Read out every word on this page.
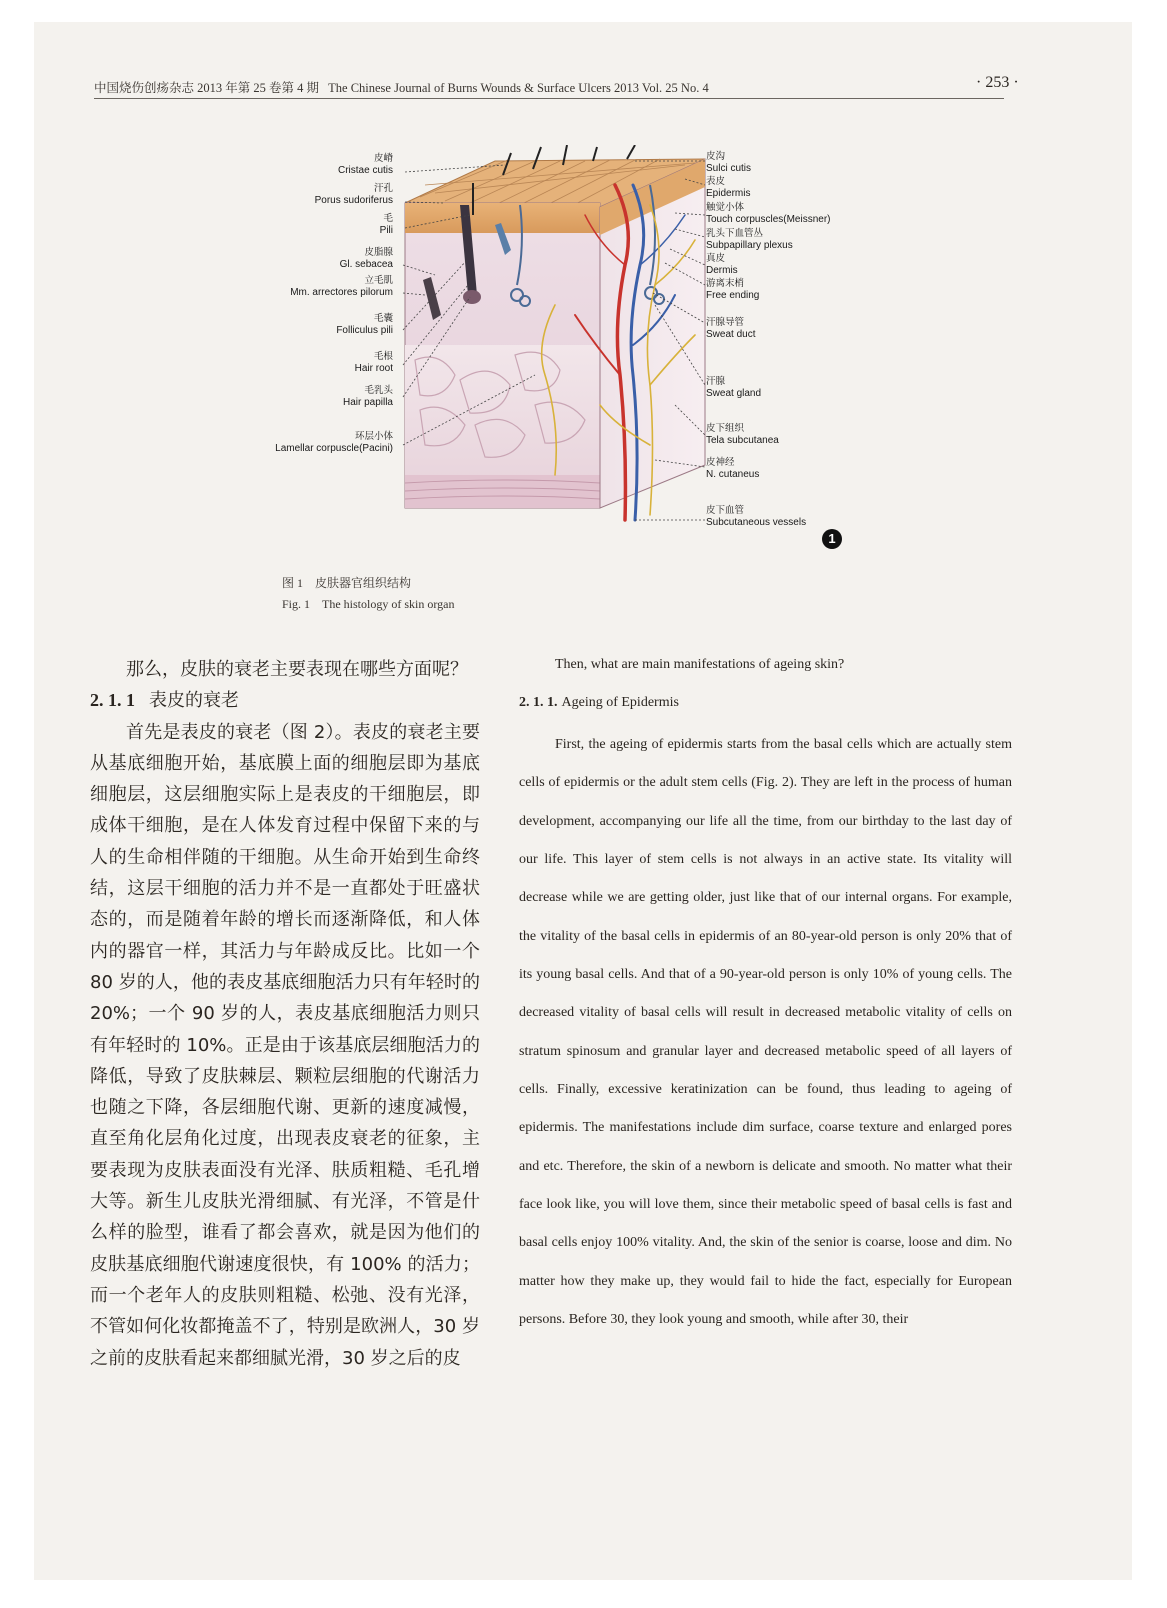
中国烧伤创疡杂志 2013 年第 25 卷第 4 期 The Chinese Journal of Burns Wounds & Surface Ulcers 2013 Vol. 25 No. 4	· 253 ·
皮嵴
Cristae cutis
汗孔
Porus sudoriferus
毛
Pili
皮脂腺
Gl. sebacea
立毛肌
Mm. arrectores pilorum
毛囊
Folliculus pili
毛根
Hair root
毛乳头
Hair papilla
环层小体
Lamellar corpuscle(Pacini)
皮沟
Sulci cutis
表皮
Epidermis
触觉小体
Touch corpuscles(Meissner)
乳头下血管丛
Subpapillary plexus
真皮
Dermis
游离末梢
Free ending
汗腺导管
Sweat duct
汗腺
Sweat gland
皮下组织
Tela subcutanea
皮神经
N. cutaneus
皮下血管
Subcutaneous vessels
1
图 1　皮肤器官组织结构
Fig. 1　The histology of skin organ

那么，皮肤的衰老主要表现在哪些方面呢？

2. 1. 1 表皮的衰老

首先是表皮的衰老（图 2）。表皮的衰老主要从基底细胞开始，基底膜上面的细胞层即为基底细胞层，这层细胞实际上是表皮的干细胞层，即成体干细胞，是在人体发育过程中保留下来的与人的生命相伴随的干细胞。从生命开始到生命终结，这层干细胞的活力并不是一直都处于旺盛状态的，而是随着年龄的增长而逐渐降低，和人体内的器官一样，其活力与年龄成反比。比如一个 80 岁的人，他的表皮基底细胞活力只有年轻时的 20%；一个 90 岁的人，表皮基底细胞活力则只有年轻时的 10%。正是由于该基底层细胞活力的降低，导致了皮肤棘层、颗粒层细胞的代谢活力也随之下降，各层细胞代谢、更新的速度减慢，直至角化层角化过度，出现表皮衰老的征象，主要表现为皮肤表面没有光泽、肤质粗糙、毛孔增大等。新生儿皮肤光滑细腻、有光泽，不管是什么样的脸型，谁看了都会喜欢，就是因为他们的皮肤基底细胞代谢速度很快，有 100% 的活力；而一个老年人的皮肤则粗糙、松弛、没有光泽，不管如何化妆都掩盖不了，特别是欧洲人，30 岁之前的皮肤看起来都细腻光滑，30 岁之后的皮

Then, what are main manifestations of ageing skin?

2. 1. 1. Ageing of Epidermis

First, the ageing of epidermis starts from the basal cells which are actually stem cells of epidermis or the adult stem cells (Fig. 2). They are left in the process of human development, accompanying our life all the time, from our birthday to the last day of our life. This layer of stem cells is not always in an active state. Its vitality will decrease while we are getting older, just like that of our internal organs. For example, the vitality of the basal cells in epidermis of an 80-year-old person is only 20% that of its young basal cells. And that of a 90-year-old person is only 10% of young cells. The decreased vitality of basal cells will result in decreased metabolic vitality of cells on stratum spinosum and granular layer and decreased metabolic speed of all layers of cells. Finally, excessive keratinization can be found, thus leading to ageing of epidermis. The manifestations include dim surface, coarse texture and enlarged pores and etc. Therefore, the skin of a newborn is delicate and smooth. No matter what their face look like, you will love them, since their metabolic speed of basal cells is fast and basal cells enjoy 100% vitality. And, the skin of the senior is coarse, loose and dim. No matter how they make up, they would fail to hide the fact, especially for European persons. Before 30, they look young and smooth, while after 30, their
